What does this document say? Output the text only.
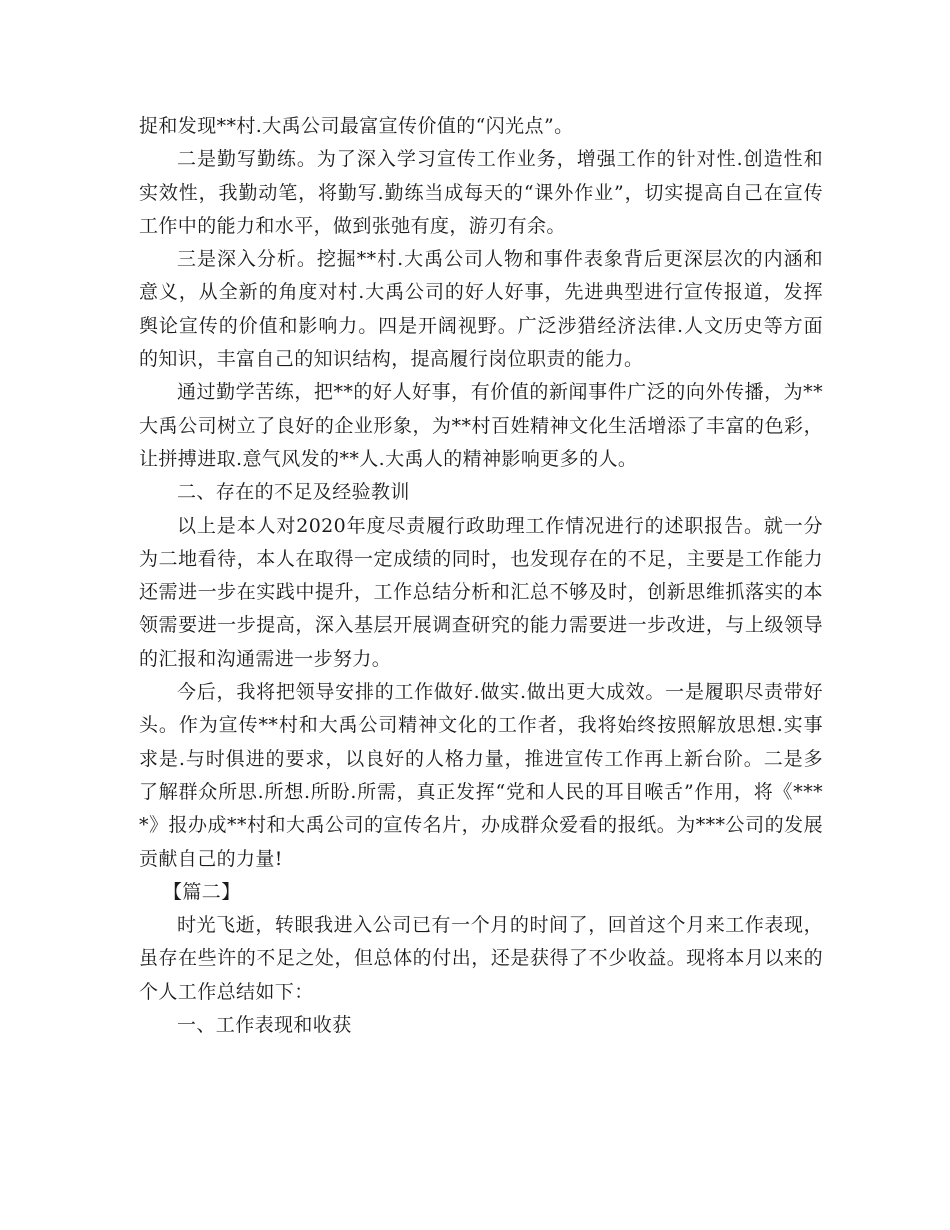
捉和发现**村.大禹公司最富宣传价值的“闪光点”。

二是勤写勤练。为了深入学习宣传工作业务，增强工作的针对性.创造性和实效性，我勤动笔，将勤写.勤练当成每天的“课外作业”，切实提高自己在宣传工作中的能力和水平，做到张弛有度，游刃有余。

三是深入分析。挖掘**村.大禹公司人物和事件表象背后更深层次的内涵和意义，从全新的角度对村.大禹公司的好人好事，先进典型进行宣传报道，发挥舆论宣传的价值和影响力。四是开阔视野。广泛涉猎经济法律.人文历史等方面的知识，丰富自己的知识结构，提高履行岗位职责的能力。

通过勤学苦练，把**的好人好事，有价值的新闻事件广泛的向外传播，为**大禹公司树立了良好的企业形象，为**村百姓精神文化生活增添了丰富的色彩，让拼搏进取.意气风发的**人.大禹人的精神影响更多的人。

二、存在的不足及经验教训

以上是本人对2020年度尽责履行政助理工作情况进行的述职报告。就一分为二地看待，本人在取得一定成绩的同时，也发现存在的不足，主要是工作能力还需进一步在实践中提升，工作总结分析和汇总不够及时，创新思维抓落实的本领需要进一步提高，深入基层开展调查研究的能力需要进一步改进，与上级领导的汇报和沟通需进一步努力。

今后，我将把领导安排的工作做好.做实.做出更大成效。一是履职尽责带好头。作为宣传**村和大禹公司精神文化的工作者，我将始终按照解放思想.实事求是.与时俱进的要求，以良好的人格力量，推进宣传工作再上新台阶。二是多了解群众所思.所想.所盼.所需，真正发挥“党和人民的耳目喉舌”作用，将《****》报办成**村和大禹公司的宣传名片，办成群众爱看的报纸。为***公司的发展贡献自己的力量!

【篇二】

时光飞逝，转眼我进入公司已有一个月的时间了，回首这个月来工作表现，虽存在些许的不足之处，但总体的付出，还是获得了不少收益。现将本月以来的个人工作总结如下：

一、工作表现和收获
